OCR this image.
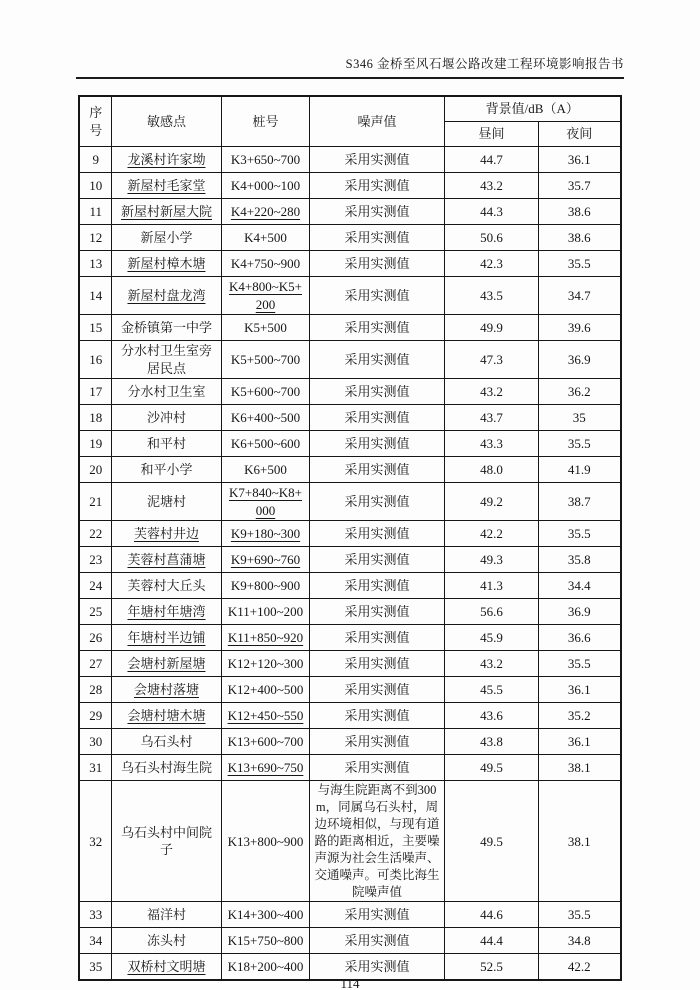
S346 金桥至风石堰公路改建工程环境影响报告书
序号	敏感点	桩号	噪声值	背景值/dB（A）	
				昼间	夜间
9	龙溪村许家坳	K3+650~700	采用实测值	44.7	36.1
10	新屋村毛家堂	K4+000~100	采用实测值	43.2	35.7
11	新屋村新屋大院	K4+220~280	采用实测值	44.3	38.6
12	新屋小学	K4+500	采用实测值	50.6	38.6
13	新屋村樟木塘	K4+750~900	采用实测值	42.3	35.5
14	新屋村盘龙湾	K4+800~K5+200	采用实测值	43.5	34.7
15	金桥镇第一中学	K5+500	采用实测值	49.9	39.6
16	分水村卫生室旁居民点	K5+500~700	采用实测值	47.3	36.9
17	分水村卫生室	K5+600~700	采用实测值	43.2	36.2
18	沙冲村	K6+400~500	采用实测值	43.7	35
19	和平村	K6+500~600	采用实测值	43.3	35.5
20	和平小学	K6+500	采用实测值	48.0	41.9
21	泥塘村	K7+840~K8+000	采用实测值	49.2	38.7
22	芙蓉村井边	K9+180~300	采用实测值	42.2	35.5
23	芙蓉村菖蒲塘	K9+690~760	采用实测值	49.3	35.8
24	芙蓉村大丘头	K9+800~900	采用实测值	41.3	34.4
25	年塘村年塘湾	K11+100~200	采用实测值	56.6	36.9
26	年塘村半边铺	K11+850~920	采用实测值	45.9	36.6
27	会塘村新屋塘	K12+120~300	采用实测值	43.2	35.5
28	会塘村落塘	K12+400~500	采用实测值	45.5	36.1
29	会塘村塘木塘	K12+450~550	采用实测值	43.6	35.2
30	乌石头村	K13+600~700	采用实测值	43.8	36.1
31	乌石头村海生院	K13+690~750	采用实测值	49.5	38.1
32	乌石头村中间院子	K13+800~900	与海生院距离不到300m，同属乌石头村，周边环境相似，与现有道路的距离相近，主要噪声源为社会生活噪声、交通噪声。可类比海生院噪声值	49.5	38.1
33	福洋村	K14+300~400	采用实测值	44.6	35.5
34	冻头村	K15+750~800	采用实测值	44.4	34.8
35	双桥村文明塘	K18+200~400	采用实测值	52.5	42.2
114
